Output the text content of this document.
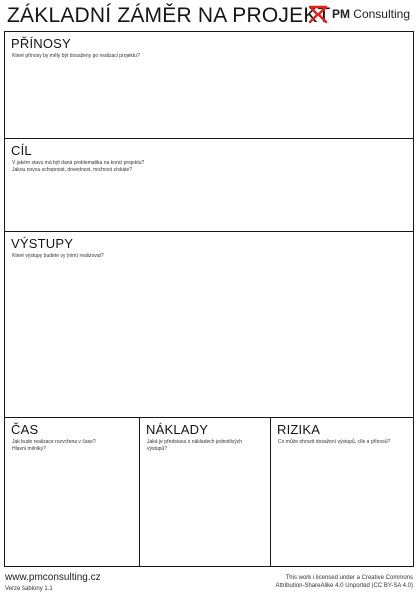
ZÁKLADNÍ ZÁMĚR NA PROJEKT PM Consulting
PŘÍNOSY
Které přínosy by měly být dosaženy po realizaci projektu?
CÍL
V jakém stavu má být daná problematika na konci projektu?
Jakou novou schopnost, dovednost, možnost získáte?
VÝSTUPY
Které výstupy budete vy (nim) realizovat?
ČAS
Jak bude realizace rozvržena v čase?
Hlavní milníky?
NÁKLADY
Jaká je představa o nákladech jednotlivých
výstupů?
RIZIKA
Co může ohrozit dosažení výstupů, cíle a přínosů?
www.pmconsulting.cz
Verze šablony 1.1
This work i licensed under a Creative Commons
Attribution-ShareAlike 4.0 Unported (CC BY-SA 4.0)
